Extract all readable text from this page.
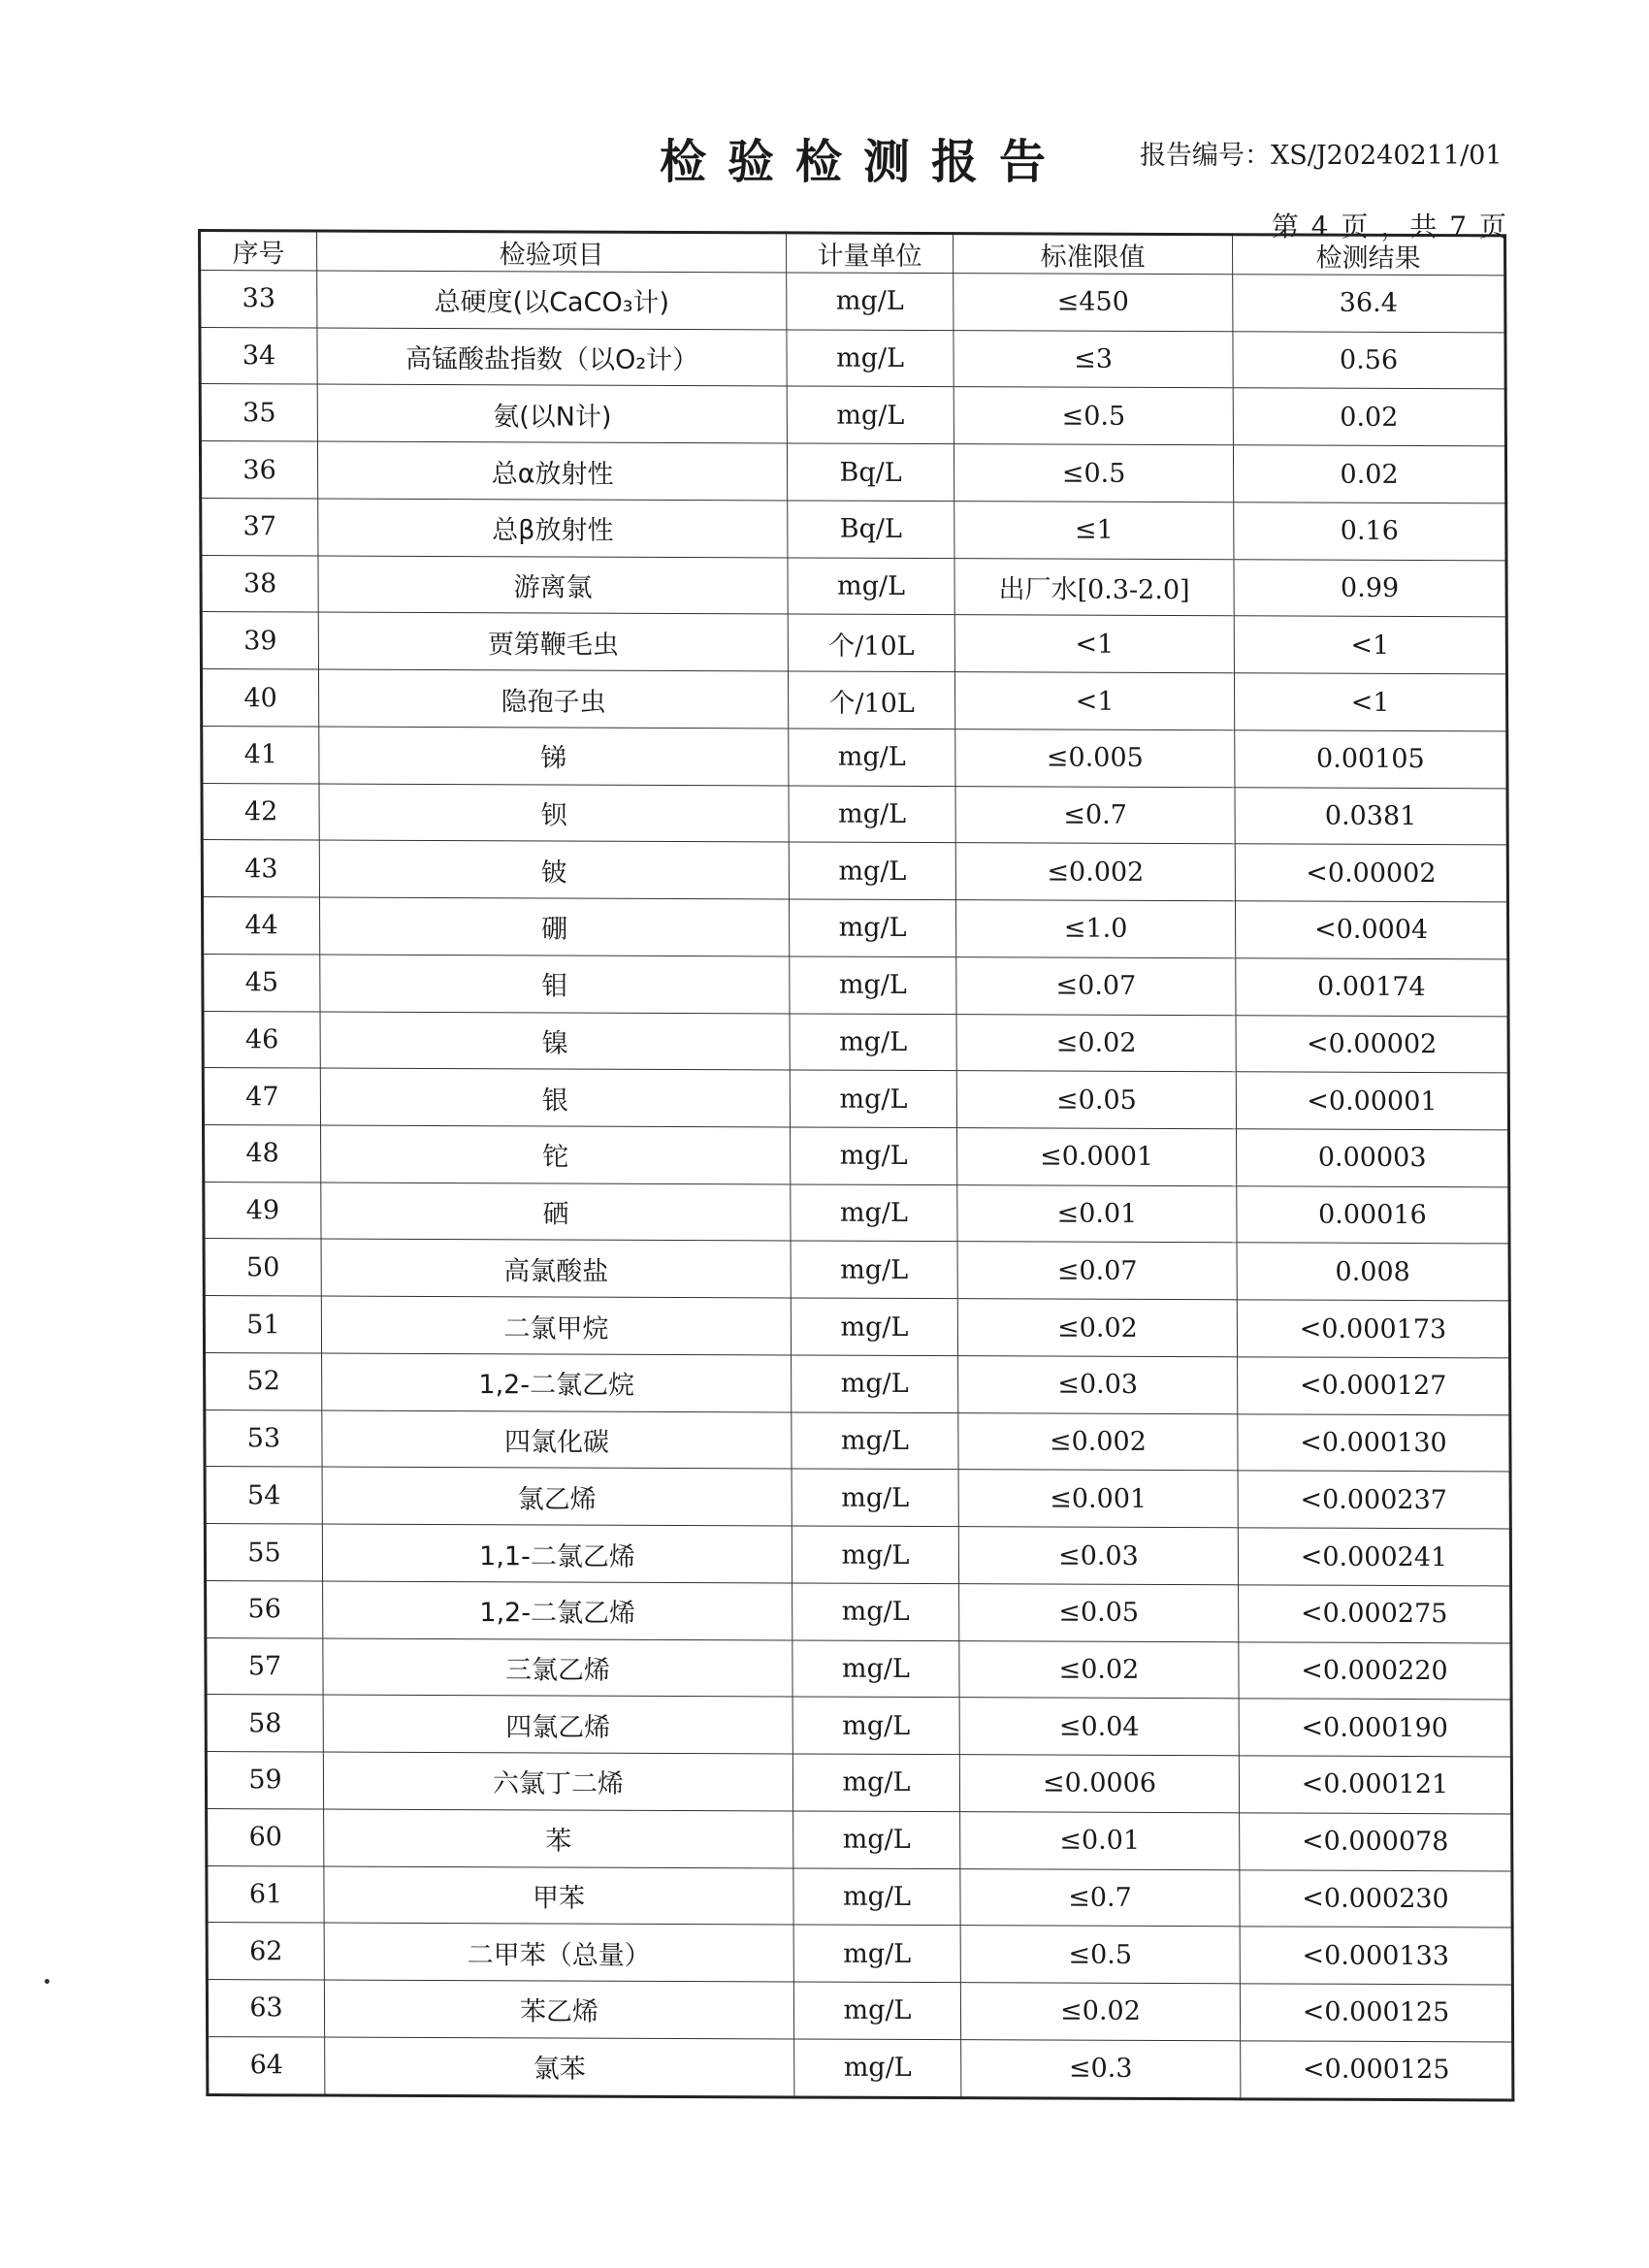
检验检测报告	报告编号：XS/J20240211/01
第 4 页 ，共 7 页
序号	检验项目	计量单位	标准限值	检测结果
33	总硬度(以CaCO₃计)	mg/L	≤450	36.4
34	高锰酸盐指数（以O₂计）	mg/L	≤3	0.56
35	氨(以N计)	mg/L	≤0.5	0.02
36	总α放射性	Bq/L	≤0.5	0.02
37	总β放射性	Bq/L	≤1	0.16
38	游离氯	mg/L	出厂水[0.3-2.0]	0.99
39	贾第鞭毛虫	个/10L	<1	<1
40	隐孢子虫	个/10L	<1	<1
41	锑	mg/L	≤0.005	0.00105
42	钡	mg/L	≤0.7	0.0381
43	铍	mg/L	≤0.002	<0.00002
44	硼	mg/L	≤1.0	<0.0004
45	钼	mg/L	≤0.07	0.00174
46	镍	mg/L	≤0.02	<0.00002
47	银	mg/L	≤0.05	<0.00001
48	铊	mg/L	≤0.0001	0.00003
49	硒	mg/L	≤0.01	0.00016
50	高氯酸盐	mg/L	≤0.07	0.008
51	二氯甲烷	mg/L	≤0.02	<0.000173
52	1,2-二氯乙烷	mg/L	≤0.03	<0.000127
53	四氯化碳	mg/L	≤0.002	<0.000130
54	氯乙烯	mg/L	≤0.001	<0.000237
55	1,1-二氯乙烯	mg/L	≤0.03	<0.000241
56	1,2-二氯乙烯	mg/L	≤0.05	<0.000275
57	三氯乙烯	mg/L	≤0.02	<0.000220
58	四氯乙烯	mg/L	≤0.04	<0.000190
59	六氯丁二烯	mg/L	≤0.0006	<0.000121
60	苯	mg/L	≤0.01	<0.000078
61	甲苯	mg/L	≤0.7	<0.000230
62	二甲苯（总量）	mg/L	≤0.5	<0.000133
63	苯乙烯	mg/L	≤0.02	<0.000125
64	氯苯	mg/L	≤0.3	<0.000125
